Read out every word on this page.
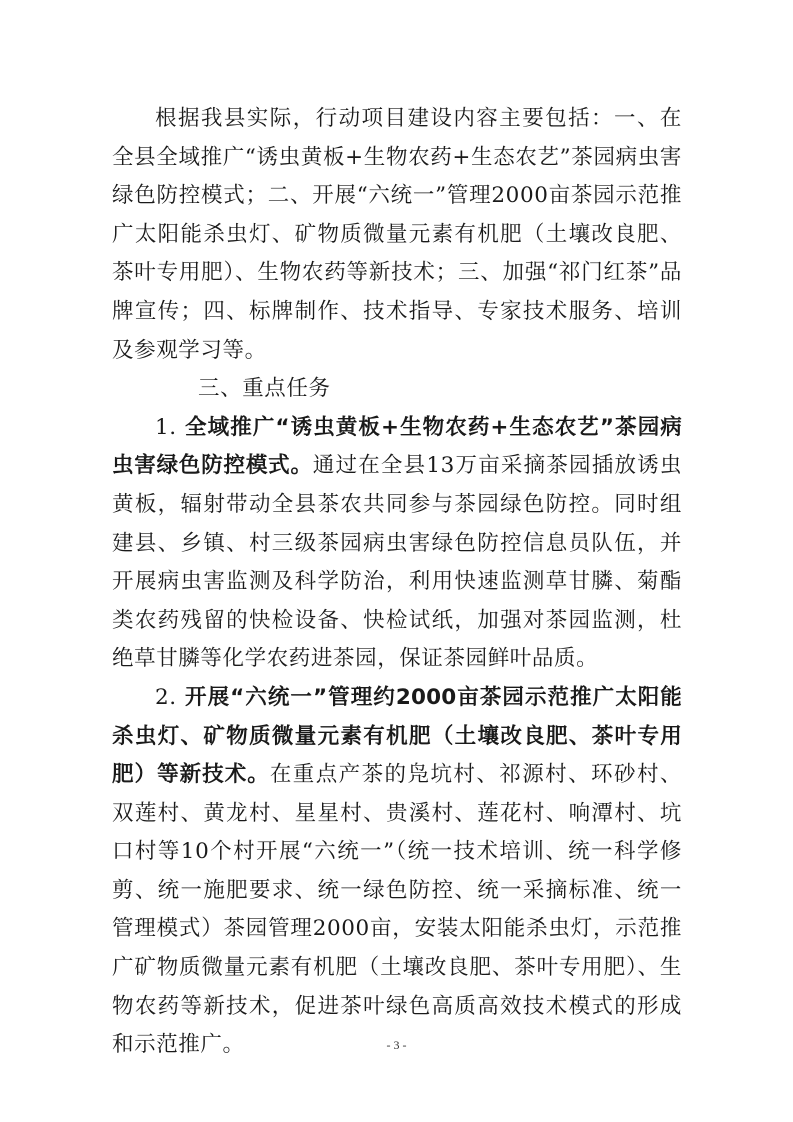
根据我县实际，行动项目建设内容主要包括：一、在全县全域推广“诱虫黄板+生物农药+生态农艺”茶园病虫害绿色防控模式；二、开展“六统一”管理2000亩茶园示范推广太阳能杀虫灯、矿物质微量元素有机肥（土壤改良肥、茶叶专用肥）、生物农药等新技术；三、加强“祁门红茶”品牌宣传；四、标牌制作、技术指导、专家技术服务、培训及参观学习等。

三、重点任务

1. 全域推广“诱虫黄板+生物农药+生态农艺”茶园病虫害绿色防控模式。通过在全县13万亩采摘茶园插放诱虫黄板，辐射带动全县茶农共同参与茶园绿色防控。同时组建县、乡镇、村三级茶园病虫害绿色防控信息员队伍，并开展病虫害监测及科学防治，利用快速监测草甘膦、菊酯类农药残留的快检设备、快检试纸，加强对茶园监测，杜绝草甘膦等化学农药进茶园，保证茶园鲜叶品质。

2. 开展“六统一”管理约2000亩茶园示范推广太阳能杀虫灯、矿物质微量元素有机肥（土壤改良肥、茶叶专用肥）等新技术。在重点产茶的凫坑村、祁源村、环砂村、双莲村、黄龙村、星星村、贵溪村、莲花村、响潭村、坑口村等10个村开展“六统一”（统一技术培训、统一科学修剪、统一施肥要求、统一绿色防控、统一采摘标准、统一管理模式）茶园管理2000亩，安装太阳能杀虫灯，示范推广矿物质微量元素有机肥（土壤改良肥、茶叶专用肥）、生物农药等新技术，促进茶叶绿色高质高效技术模式的形成和示范推广。	- 3 -
